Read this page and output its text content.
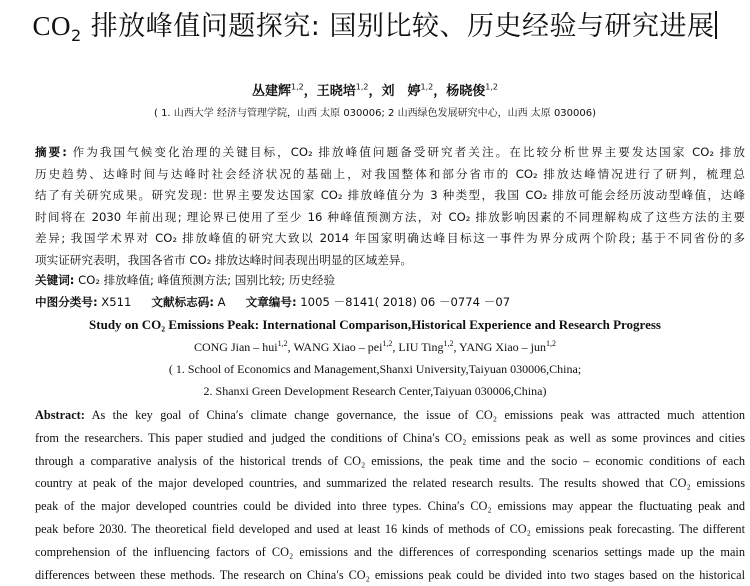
$CO_2$ 排放峰值问题探究: 国别比较、历史经验与研究进展
丛建辉$^{1,2}$，王晓培$^{1,2}$，刘　婷$^{1,2}$，杨晓俊$^{1,2}$
( 1. 山西大学 经济与管理学院，山西 太原 030006; 2 山西绿色发展研究中心，山西 太原 030006)
摘要: 作为我国气候变化治理的关键目标，CO₂ 排放峰值问题备受研究者关注。在比较分析世界主要发达国家 CO₂ 排放
历史趋势、达峰时间与达峰时社会经济状况的基础上，对我国整体和部分省市的 CO₂ 排放达峰情况进行了研判，梳理总
结了有关研究成果。研究发现: 世界主要发达国家 CO₂ 排放峰值分为 3 种类型，我国 CO₂ 排放可能会经历波动型峰值，达峰
时间将在 2030 年前出现; 理论界已使用了至少 16 种峰值预测方法，对 CO₂ 排放影响因素的不同理解构成了这些方法的主要
差异; 我国学术界对 CO₂ 排放峰值的研究大致以 2014 年国家明确达峰目标这一事件为界分成两个阶段; 基于不同省份的多
项实证研究表明，我国各省市 CO₂ 排放达峰时间表现出明显的区域差异。
关键词: CO₂ 排放峰值; 峰值预测方法; 国别比较; 历史经验
中图分类号: X511 文献标志码: A 文章编号: 1005 －8141( 2018) 06 －0774 －07
Study on CO₂ Emissions Peak: International Comparison,Historical Experience and Research Progress
CONG Jian – hui$^{1,2}$, WANG Xiao – pei$^{1,2}$, LIU Ting$^{1,2}$, YANG Xiao – jun$^{1,2}$
( 1. School of Economics and Management,Shanxi University,Taiyuan 030006,China;
2. Shanxi Green Development Research Center,Taiyuan 030006,China)
Abstract: As the key goal of China′s climate change governance, the issue of CO₂ emissions peak was attracted much attention
from the researchers. This paper studied and judged the conditions of China′s CO₂ emissions peak as well as some provinces and cities
through a comparative analysis of the historical trends of CO₂ emissions, the peak time and the socio – economic conditions of each
country at peak of the major developed countries, and summarized the related research results. The results showed that CO₂ emissions
peak of the major developed countries could be divided into three types. China′s CO₂ emissions may appear the fluctuating peak and
peak before 2030. The theoretical field developed and used at least 16 kinds of methods of CO₂ emissions peak forecasting. The different
comprehension of the influencing factors of CO₂ emissions and the differences of corresponding scenarios settings made up the main
differences between these methods. The research on China′s CO₂ emissions peak could be divided into two stages based on the historical
